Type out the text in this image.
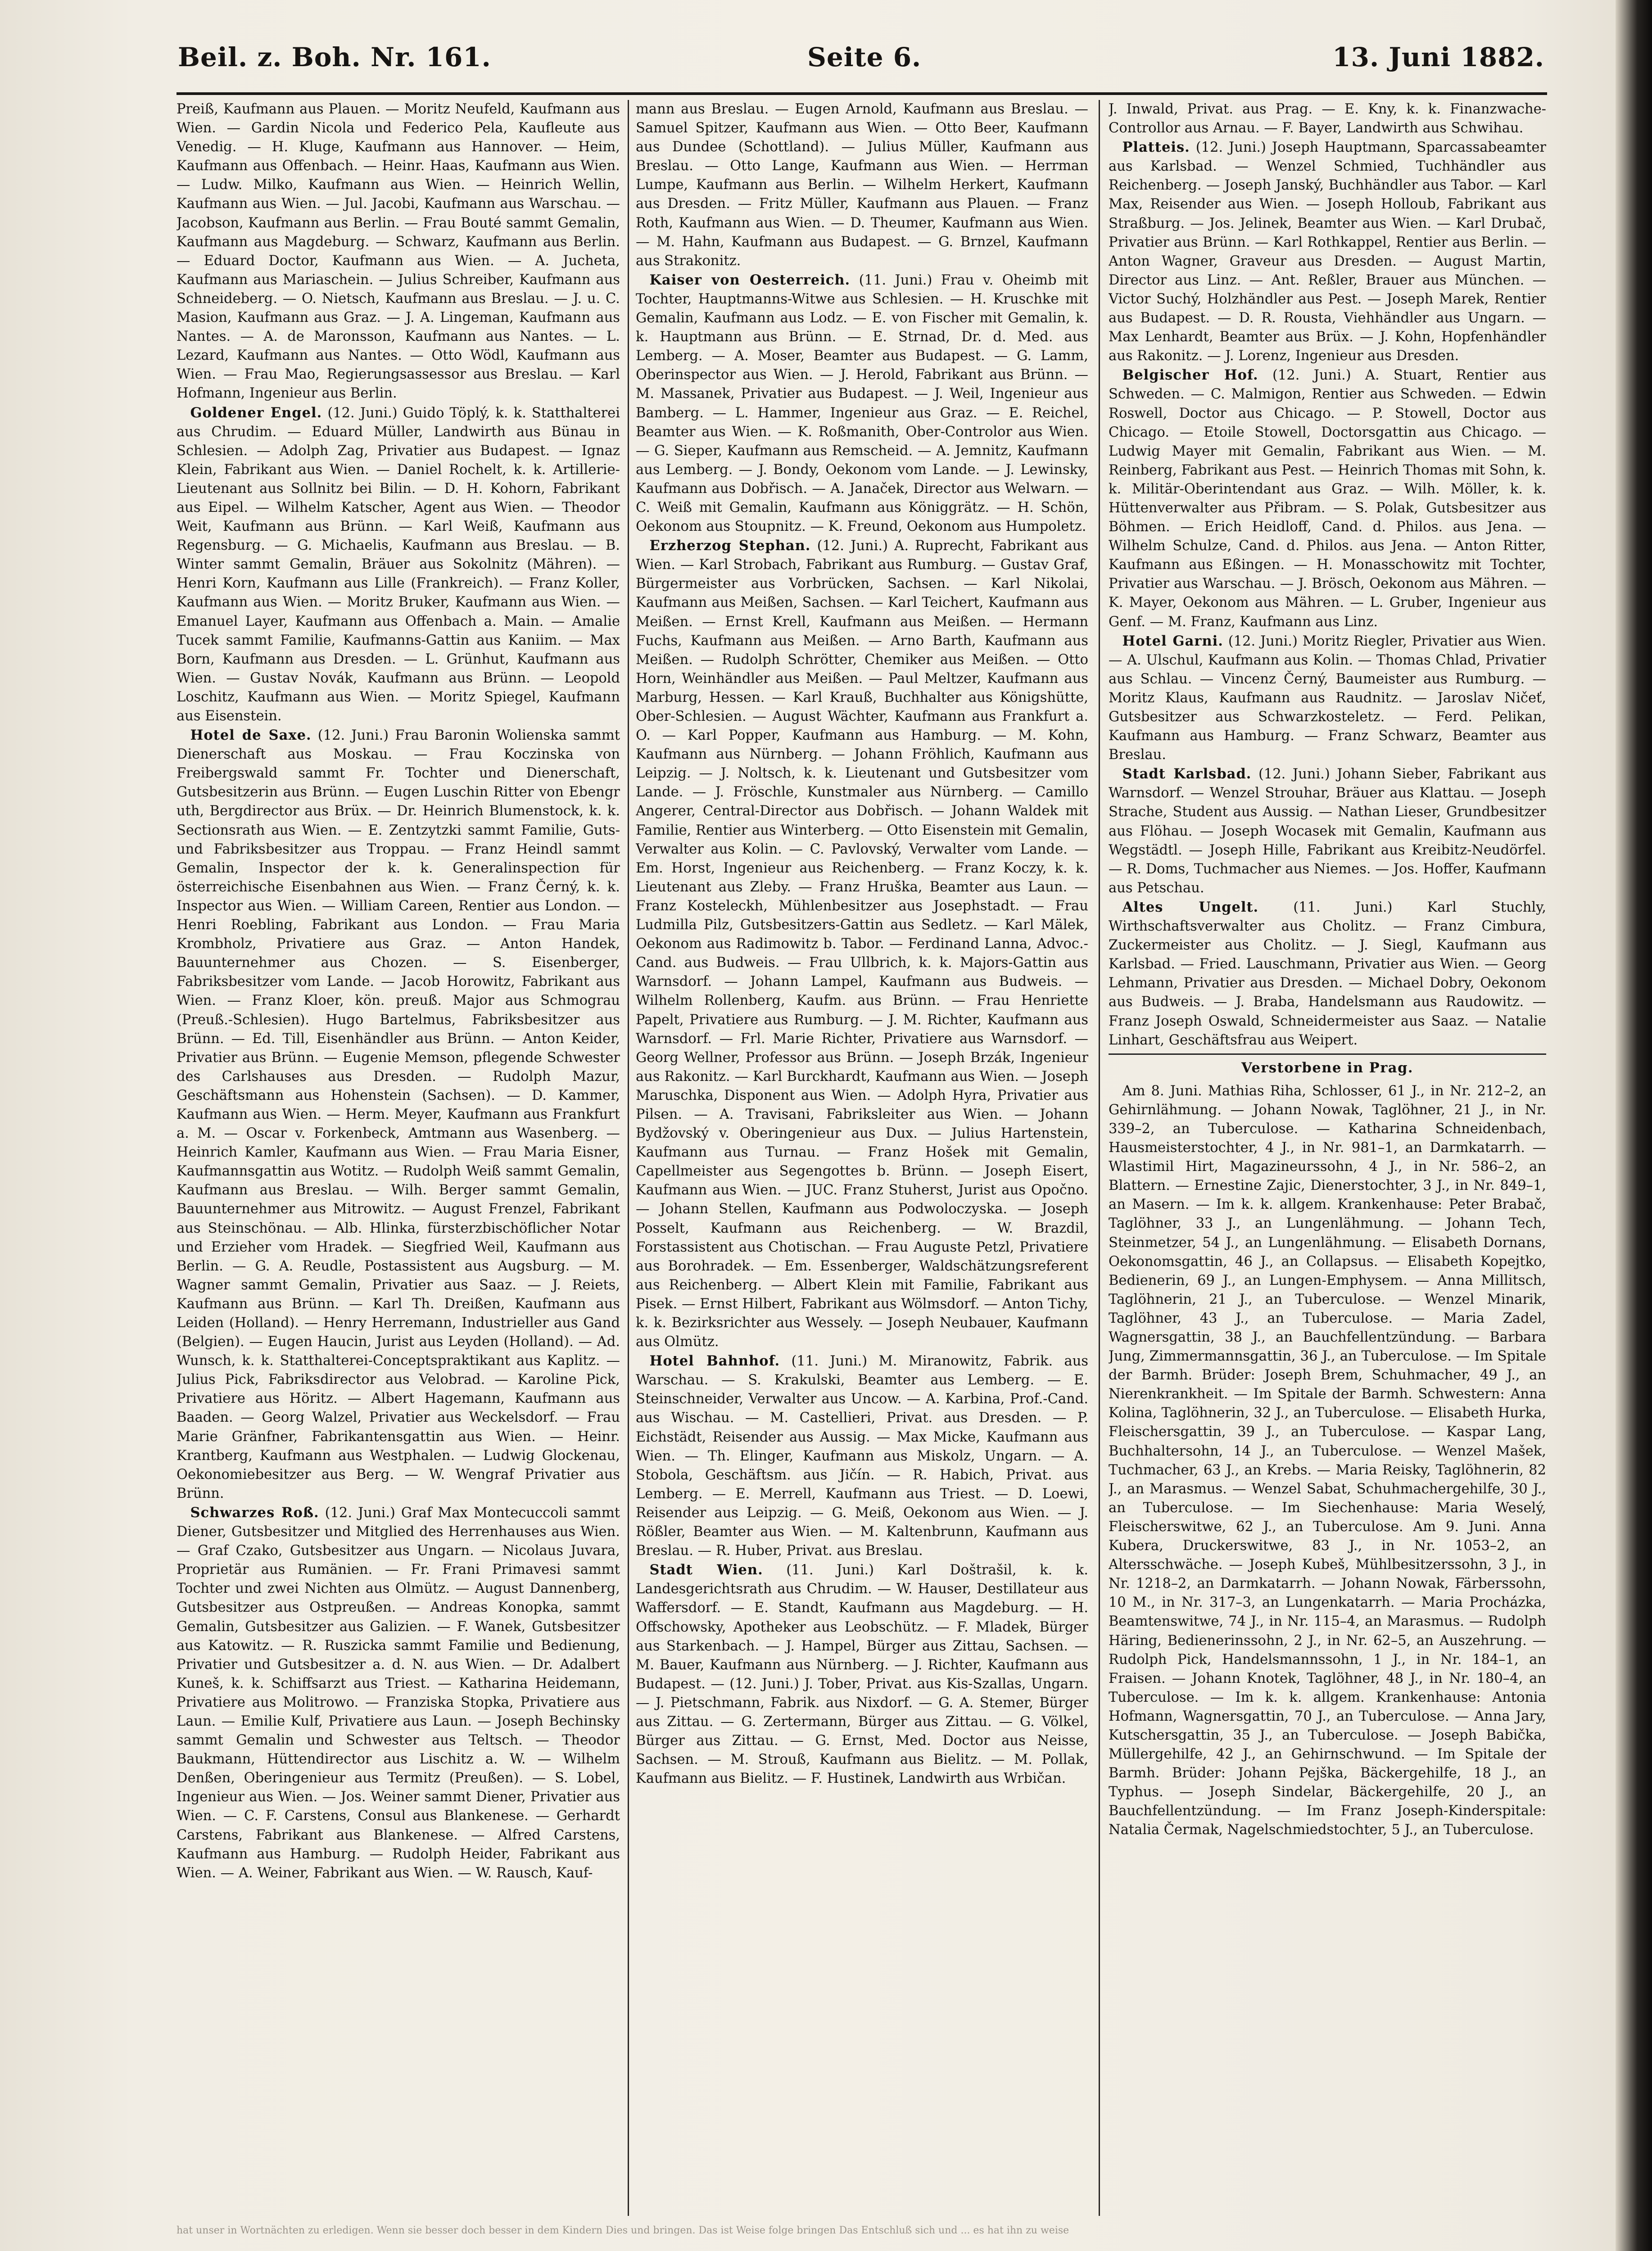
Beil. z. Boh. Nr. 161.	Seite 6.	13. Juni 1882.

Preiß, Kaufmann aus Plauen. — Moritz Neufeld, Kaufmann aus Wien. — Gardin Nicola und Federico Pela, Kaufleute aus Venedig. — H. Kluge, Kaufmann aus Hannover. — Heim, Kaufmann aus Offenbach. — Heinr. Haas, Kaufmann aus Wien. — Ludw. Milko, Kaufmann aus Wien. — Heinrich Wellin, Kaufmann aus Wien. — Jul. Jacobi, Kaufmann aus Warschau. — Jacobson, Kaufmann aus Berlin. — Frau Bouté sammt Gemalin, Kaufmann aus Magdeburg. — Schwarz, Kaufmann aus Berlin. — Eduard Doctor, Kaufmann aus Wien. — A. Jucheta, Kaufmann aus Mariaschein. — Julius Schreiber, Kaufmann aus Schneideberg. — O. Nietsch, Kaufmann aus Breslau. — J. u. C. Masion, Kaufmann aus Graz. — J. A. Lingeman, Kaufmann aus Nantes. — A. de Maronsson, Kaufmann aus Nantes. — L. Lezard, Kaufmann aus Nantes. — Otto Wödl, Kaufmann aus Wien. — Frau Mao, Regierungsassessor aus Breslau. — Karl Hofmann, Ingenieur aus Berlin.

 Goldener Engel. (12. Juni.) Guido Töplý, k. k. Statthalterei aus Chrudim. — Eduard Müller, Landwirth aus Bünau in Schlesien. — Adolph Zag, Privatier aus Budapest. — Ignaz Klein, Fabrikant aus Wien. — Daniel Rochelt, k. k. Artillerie-Lieutenant aus Sollnitz bei Bilin. — D. H. Kohorn, Fabrikant aus Eipel. — Wilhelm Katscher, Agent aus Wien. — Theodor Weit, Kaufmann aus Brünn. — Karl Weiß, Kaufmann aus Regensburg. — G. Michaelis, Kaufmann aus Breslau. — B. Winter sammt Gemalin, Bräuer aus Sokolnitz (Mähren). — Henri Korn, Kaufmann aus Lille (Frankreich). — Franz Koller, Kaufmann aus Wien. — Moritz Bruker, Kaufmann aus Wien. — Emanuel Layer, Kaufmann aus Offenbach a. Main. — Amalie Tucek sammt Familie, Kaufmanns-Gattin aus Kaniim. — Max Born, Kaufmann aus Dresden. — L. Grünhut, Kaufmann aus Wien. — Gustav Novák, Kaufmann aus Brünn. — Leopold Loschitz, Kaufmann aus Wien. — Moritz Spiegel, Kaufmann aus Eisenstein.

 Hotel de Saxe. (12. Juni.) Frau Baronin Wolienska sammt Dienerschaft aus Moskau. — Frau Koczinska von Freibergswald sammt Fr. Tochter und Dienerschaft, Gutsbesitzerin aus Brünn. — Eugen Luschin Ritter von Ebengr uth, Bergdirector aus Brüx. — Dr. Heinrich Blumenstock, k. k. Sectionsrath aus Wien. — E. Zentzytzki sammt Familie, Guts- und Fabriksbesitzer aus Troppau. — Franz Heindl sammt Gemalin, Inspector der k. k. Generalinspection für österreichische Eisenbahnen aus Wien. — Franz Černý, k. k. Inspector aus Wien. — William Careen, Rentier aus London. — Henri Roebling, Fabrikant aus London. — Frau Maria Krombholz, Privatiere aus Graz. — Anton Handek, Bauunternehmer aus Chozen. — S. Eisenberger, Fabriksbesitzer vom Lande. — Jacob Horowitz, Fabrikant aus Wien. — Franz Kloer, kön. preuß. Major aus Schmograu (Preuß.-Schlesien). Hugo Bartelmus, Fabriksbesitzer aus Brünn. — Ed. Till, Eisenhändler aus Brünn. — Anton Keider, Privatier aus Brünn. — Eugenie Memson, pflegende Schwester des Carlshauses aus Dresden. — Rudolph Mazur, Geschäftsmann aus Hohenstein (Sachsen). — D. Kammer, Kaufmann aus Wien. — Herm. Meyer, Kaufmann aus Frankfurt a. M. — Oscar v. Forkenbeck, Amtmann aus Wasenberg. — Heinrich Kamler, Kaufmann aus Wien. — Frau Maria Eisner, Kaufmannsgattin aus Wotitz. — Rudolph Weiß sammt Gemalin, Kaufmann aus Breslau. — Wilh. Berger sammt Gemalin, Bauunternehmer aus Mitrowitz. — August Frenzel, Fabrikant aus Steinschönau. — Alb. Hlinka, fürsterzbischöflicher Notar und Erzieher vom Hradek. — Siegfried Weil, Kaufmann aus Berlin. — G. A. Reudle, Postassistent aus Augsburg. — M. Wagner sammt Gemalin, Privatier aus Saaz. — J. Reiets, Kaufmann aus Brünn. — Karl Th. Dreißen, Kaufmann aus Leiden (Holland). — Henry Herremann, Industrieller aus Gand (Belgien). — Eugen Haucin, Jurist aus Leyden (Holland). — Ad. Wunsch, k. k. Statthalterei-Conceptspraktikant aus Kaplitz. — Julius Pick, Fabriksdirector aus Velobrad. — Karoline Pick, Privatiere aus Höritz. — Albert Hagemann, Kaufmann aus Baaden. — Georg Walzel, Privatier aus Weckelsdorf. — Frau Marie Gränfner, Fabrikantensgattin aus Wien. — Heinr. Krantberg, Kaufmann aus Westphalen. — Ludwig Glockenau, Oekonomiebesitzer aus Berg. — W. Wengraf Privatier aus Brünn.

 Schwarzes Roß. (12. Juni.) Graf Max Montecuccoli sammt Diener, Gutsbesitzer und Mitglied des Herrenhauses aus Wien. — Graf Czako, Gutsbesitzer aus Ungarn. — Nicolaus Juvara, Proprietär aus Rumänien. — Fr. Frani Primavesi sammt Tochter und zwei Nichten aus Olmütz. — August Dannenberg, Gutsbesitzer aus Ostpreußen. — Andreas Konopka, sammt Gemalin, Gutsbesitzer aus Galizien. — F. Wanek, Gutsbesitzer aus Katowitz. — R. Ruszicka sammt Familie und Bedienung, Privatier und Gutsbesitzer a. d. N. aus Wien. — Dr. Adalbert Kuneš, k. k. Schiffsarzt aus Triest. — Katharina Heidemann, Privatiere aus Molitrowo. — Franziska Stopka, Privatiere aus Laun. — Emilie Kulf, Privatiere aus Laun. — Joseph Bechinsky sammt Gemalin und Schwester aus Teltsch. — Theodor Baukmann, Hüttendirector aus Lischitz a. W. — Wilhelm Denßen, Oberingenieur aus Termitz (Preußen). — S. Lobel, Ingenieur aus Wien. — Jos. Weiner sammt Diener, Privatier aus Wien. — C. F. Carstens, Consul aus Blankenese. — Gerhardt Carstens, Fabrikant aus Blankenese. — Alfred Carstens, Kaufmann aus Hamburg. — Rudolph Heider, Fabrikant aus Wien. — A. Weiner, Fabrikant aus Wien. — W. Rausch, Kauf-

mann aus Breslau. — Eugen Arnold, Kaufmann aus Breslau. — Samuel Spitzer, Kaufmann aus Wien. — Otto Beer, Kaufmann aus Dundee (Schottland). — Julius Müller, Kaufmann aus Breslau. — Otto Lange, Kaufmann aus Wien. — Herrman Lumpe, Kaufmann aus Berlin. — Wilhelm Herkert, Kaufmann aus Dresden. — Fritz Müller, Kaufmann aus Plauen. — Franz Roth, Kaufmann aus Wien. — D. Theumer, Kaufmann aus Wien. — M. Hahn, Kaufmann aus Budapest. — G. Brnzel, Kaufmann aus Strakonitz.

 Kaiser von Oesterreich. (11. Juni.) Frau v. Oheimb mit Tochter, Hauptmanns-Witwe aus Schlesien. — H. Kruschke mit Gemalin, Kaufmann aus Lodz. — E. von Fischer mit Gemalin, k. k. Hauptmann aus Brünn. — E. Strnad, Dr. d. Med. aus Lemberg. — A. Moser, Beamter aus Budapest. — G. Lamm, Oberinspector aus Wien. — J. Herold, Fabrikant aus Brünn. — M. Massanek, Privatier aus Budapest. — J. Weil, Ingenieur aus Bamberg. — L. Hammer, Ingenieur aus Graz. — E. Reichel, Beamter aus Wien. — K. Roßmanith, Ober-Controlor aus Wien. — G. Sieper, Kaufmann aus Remscheid. — A. Jemnitz, Kaufmann aus Lemberg. — J. Bondy, Oekonom vom Lande. — J. Lewinsky, Kaufmann aus Dobřisch. — A. Janaček, Director aus Welwarn. — C. Weiß mit Gemalin, Kaufmann aus Königgrätz. — H. Schön, Oekonom aus Stoupnitz. — K. Freund, Oekonom aus Humpoletz.

 Erzherzog Stephan. (12. Juni.) A. Ruprecht, Fabrikant aus Wien. — Karl Strobach, Fabrikant aus Rumburg. — Gustav Graf, Bürgermeister aus Vorbrücken, Sachsen. — Karl Nikolai, Kaufmann aus Meißen, Sachsen. — Karl Teichert, Kaufmann aus Meißen. — Ernst Krell, Kaufmann aus Meißen. — Hermann Fuchs, Kaufmann aus Meißen. — Arno Barth, Kaufmann aus Meißen. — Rudolph Schrötter, Chemiker aus Meißen. — Otto Horn, Weinhändler aus Meißen. — Paul Meltzer, Kaufmann aus Marburg, Hessen. — Karl Krauß, Buchhalter aus Königshütte, Ober-Schlesien. — August Wächter, Kaufmann aus Frankfurt a. O. — Karl Popper, Kaufmann aus Hamburg. — M. Kohn, Kaufmann aus Nürnberg. — Johann Fröhlich, Kaufmann aus Leipzig. — J. Noltsch, k. k. Lieutenant und Gutsbesitzer vom Lande. — J. Fröschle, Kunstmaler aus Nürnberg. — Camillo Angerer, Central-Director aus Dobřisch. — Johann Waldek mit Familie, Rentier aus Winterberg. — Otto Eisenstein mit Gemalin, Verwalter aus Kolin. — C. Pavlovský, Verwalter vom Lande. — Em. Horst, Ingenieur aus Reichenberg. — Franz Koczy, k. k. Lieutenant aus Zleby. — Franz Hruška, Beamter aus Laun. — Franz Kosteleckh, Mühlenbesitzer aus Josephstadt. — Frau Ludmilla Pilz, Gutsbesitzers-Gattin aus Sedletz. — Karl Mälek, Oekonom aus Radimowitz b. Tabor. — Ferdinand Lanna, Advoc.-Cand. aus Budweis. — Frau Ullbrich, k. k. Majors-Gattin aus Warnsdorf. — Johann Lampel, Kaufmann aus Budweis. — Wilhelm Rollenberg, Kaufm. aus Brünn. — Frau Henriette Papelt, Privatiere aus Rumburg. — J. M. Richter, Kaufmann aus Warnsdorf. — Frl. Marie Richter, Privatiere aus Warnsdorf. — Georg Wellner, Professor aus Brünn. — Joseph Brzák, Ingenieur aus Rakonitz. — Karl Burckhardt, Kaufmann aus Wien. — Joseph Maruschka, Disponent aus Wien. — Adolph Hyra, Privatier aus Pilsen. — A. Travisani, Fabriksleiter aus Wien. — Johann Bydžovský v. Oberingenieur aus Dux. — Julius Hartenstein, Kaufmann aus Turnau. — Franz Hošek mit Gemalin, Capellmeister aus Segengottes b. Brünn. — Joseph Eisert, Kaufmann aus Wien. — JUC. Franz Stuherst, Jurist aus Opočno. — Johann Stellen, Kaufmann aus Podwoloczyska. — Joseph Posselt, Kaufmann aus Reichenberg. — W. Brazdil, Forstassistent aus Chotischan. — Frau Auguste Petzl, Privatiere aus Borohradek. — Em. Essenberger, Waldschätzungsreferent aus Reichenberg. — Albert Klein mit Familie, Fabrikant aus Pisek. — Ernst Hilbert, Fabrikant aus Wölmsdorf. — Anton Tichy, k. k. Bezirksrichter aus Wessely. — Joseph Neubauer, Kaufmann aus Olmütz.

 Hotel Bahnhof. (11. Juni.) M. Miranowitz, Fabrik. aus Warschau. — S. Krakulski, Beamter aus Lemberg. — E. Steinschneider, Verwalter aus Uncow. — A. Karbina, Prof.-Cand. aus Wischau. — M. Castellieri, Privat. aus Dresden. — P. Eichstädt, Reisender aus Aussig. — Max Micke, Kaufmann aus Wien. — Th. Elinger, Kaufmann aus Miskolz, Ungarn. — A. Stobola, Geschäftsm. aus Jičín. — R. Habich, Privat. aus Lemberg. — E. Merrell, Kaufmann aus Triest. — D. Loewi, Reisender aus Leipzig. — G. Meiß, Oekonom aus Wien. — J. Rößler, Beamter aus Wien. — M. Kaltenbrunn, Kaufmann aus Breslau. — R. Huber, Privat. aus Breslau.

 Stadt Wien. (11. Juni.) Karl Doštrašil, k. k. Landesgerichtsrath aus Chrudim. — W. Hauser, Destillateur aus Waffersdorf. — E. Standt, Kaufmann aus Magdeburg. — H. Offschowsky, Apotheker aus Leobschütz. — F. Mladek, Bürger aus Starkenbach. — J. Hampel, Bürger aus Zittau, Sachsen. — M. Bauer, Kaufmann aus Nürnberg. — J. Richter, Kaufmann aus Budapest. — (12. Juni.) J. Tober, Privat. aus Kis-Szallas, Ungarn. — J. Pietschmann, Fabrik. aus Nixdorf. — G. A. Stemer, Bürger aus Zittau. — G. Zertermann, Bürger aus Zittau. — G. Völkel, Bürger aus Zittau. — G. Ernst, Med. Doctor aus Neisse, Sachsen. — M. Strouß, Kaufmann aus Bielitz. — M. Pollak, Kaufmann aus Bielitz. — F. Hustinek, Landwirth aus Wrbičan.

J. Inwald, Privat. aus Prag. — E. Kny, k. k. Finanzwache-Controllor aus Arnau. — F. Bayer, Landwirth aus Schwihau.

 Platteis. (12. Juni.) Joseph Hauptmann, Sparcassabeamter aus Karlsbad. — Wenzel Schmied, Tuchhändler aus Reichenberg. — Joseph Janský, Buchhändler aus Tabor. — Karl Max, Reisender aus Wien. — Joseph Holloub, Fabrikant aus Straßburg. — Jos. Jelinek, Beamter aus Wien. — Karl Drubač, Privatier aus Brünn. — Karl Rothkappel, Rentier aus Berlin. — Anton Wagner, Graveur aus Dresden. — August Martin, Director aus Linz. — Ant. Reßler, Brauer aus München. — Victor Suchý, Holzhändler aus Pest. — Joseph Marek, Rentier aus Budapest. — D. R. Rousta, Viehhändler aus Ungarn. — Max Lenhardt, Beamter aus Brüx. — J. Kohn, Hopfenhändler aus Rakonitz. — J. Lorenz, Ingenieur aus Dresden.

 Belgischer Hof. (12. Juni.) A. Stuart, Rentier aus Schweden. — C. Malmigon, Rentier aus Schweden. — Edwin Roswell, Doctor aus Chicago. — P. Stowell, Doctor aus Chicago. — Etoile Stowell, Doctorsgattin aus Chicago. — Ludwig Mayer mit Gemalin, Fabrikant aus Wien. — M. Reinberg, Fabrikant aus Pest. — Heinrich Thomas mit Sohn, k. k. Militär-Oberintendant aus Graz. — Wilh. Möller, k. k. Hüttenverwalter aus Přibram. — S. Polak, Gutsbesitzer aus Böhmen. — Erich Heidloff, Cand. d. Philos. aus Jena. — Wilhelm Schulze, Cand. d. Philos. aus Jena. — Anton Ritter, Kaufmann aus Eßingen. — H. Monasschowitz mit Tochter, Privatier aus Warschau. — J. Brösch, Oekonom aus Mähren. — K. Mayer, Oekonom aus Mähren. — L. Gruber, Ingenieur aus Genf. — M. Franz, Kaufmann aus Linz.

 Hotel Garni. (12. Juni.) Moritz Riegler, Privatier aus Wien. — A. Ulschul, Kaufmann aus Kolin. — Thomas Chlad, Privatier aus Schlau. — Vincenz Černý, Baumeister aus Rumburg. — Moritz Klaus, Kaufmann aus Raudnitz. — Jaroslav Ničeť, Gutsbesitzer aus Schwarzkosteletz. — Ferd. Pelikan, Kaufmann aus Hamburg. — Franz Schwarz, Beamter aus Breslau.

 Stadt Karlsbad. (12. Juni.) Johann Sieber, Fabrikant aus Warnsdorf. — Wenzel Strouhar, Bräuer aus Klattau. — Joseph Strache, Student aus Aussig. — Nathan Lieser, Grundbesitzer aus Flöhau. — Joseph Wocasek mit Gemalin, Kaufmann aus Wegstädtl. — Joseph Hille, Fabrikant aus Kreibitz-Neudörfel. — R. Doms, Tuchmacher aus Niemes. — Jos. Hoffer, Kaufmann aus Petschau.

 Altes Ungelt.	(11. Juni.) Karl Stuchly, Wirthschaftsverwalter aus Cholitz. — Franz Cimbura, Zuckermeister aus Cholitz. — J. Siegl, Kaufmann aus Karlsbad. — Fried. Lauschmann, Privatier aus Wien. — Georg Lehmann, Privatier aus Dresden. — Michael Dobry, Oekonom aus Budweis. — J. Braba, Handelsmann aus Raudowitz. — Franz Joseph Oswald, Schneidermeister aus Saaz. — Natalie Linhart, Geschäftsfrau aus Weipert.

Verstorbene in Prag.

 Am 8. Juni. Mathias Riha, Schlosser, 61 J., in Nr. 212–2, an Gehirnlähmung. — Johann Nowak, Taglöhner, 21 J., in Nr. 339–2, an Tuberculose. — Katharina Schneidenbach, Hausmeisterstochter, 4 J., in Nr. 981–1, an Darmkatarrh. — Wlastimil Hirt, Magazineurssohn, 4 J., in Nr. 586–2, an Blattern. — Ernestine Zajic, Dienerstochter, 3 J., in Nr. 849–1, an Masern. — Im k. k. allgem. Krankenhause: Peter Brabač, Taglöhner, 33 J., an Lungenlähmung. — Johann Tech, Steinmetzer, 54 J., an Lungenlähmung. — Elisabeth Dornans, Oekonomsgattin, 46 J., an Collapsus. — Elisabeth Kopejtko, Bedienerin, 69 J., an Lungen-Emphysem. — Anna Millitsch, Taglöhnerin, 21 J., an Tuberculose. — Wenzel Minarik, Taglöhner, 43 J., an Tuberculose. — Maria Zadel, Wagnersgattin, 38 J., an Bauchfellentzündung. — Barbara Jung, Zimmermannsgattin, 36 J., an Tuberculose. — Im Spitale der Barmh. Brüder: Joseph Brem, Schuhmacher, 49 J., an Nierenkrankheit. — Im Spitale der Barmh. Schwestern: Anna Kolina, Taglöhnerin, 32 J., an Tuberculose. — Elisabeth Hurka, Fleischersgattin, 39 J., an Tuberculose. — Kaspar Lang, Buchhaltersohn, 14 J., an Tuberculose. — Wenzel Mašek, Tuchmacher, 63 J., an Krebs. — Maria Reisky, Taglöhnerin, 82 J., an Marasmus. — Wenzel Sabat, Schuhmachergehilfe, 30 J., an Tuberculose. — Im Siechenhause: Maria Weselý, Fleischerswitwe, 62 J., an Tuberculose. Am 9. Juni. Anna Kubera, Druckerswitwe, 83 J., in Nr. 1053–2, an Altersschwäche. — Joseph Kubeš, Mühlbesitzerssohn, 3 J., in Nr. 1218–2, an Darmkatarrh. — Johann Nowak, Färberssohn, 10 M., in Nr. 317–3, an Lungenkatarrh. — Maria Procházka, Beamtenswitwe, 74 J., in Nr. 115–4, an Marasmus. — Rudolph Häring, Bedienerinssohn, 2 J., in Nr. 62–5, an Auszehrung. — Rudolph Pick, Handelsmannssohn, 1 J., in Nr. 184–1, an Fraisen. — Johann Knotek, Taglöhner, 48 J., in Nr. 180–4, an Tuberculose. — Im k. k. allgem. Krankenhause: Antonia Hofmann, Wagnersgattin, 70 J., an Tuberculose. — Anna Jary, Kutschersgattin, 35 J., an Tuberculose. — Joseph Babička, Müllergehilfe, 42 J., an Gehirnschwund. — Im Spitale der Barmh. Brüder: Johann Pejška, Bäckergehilfe, 18 J., an Typhus. — Joseph Sindelar, Bäckergehilfe, 20 J., an Bauchfellentzündung. — Im Franz Joseph-Kinderspitale: Natalia Čermak, Nagelschmiedstochter, 5 J., an Tuberculose.

hat unser in Wortnächten zu erledigen. Wenn sie besser doch besser in dem Kindern Dies und bringen. Das ist Weise folge bringen Das Entschluß sich und ... es hat ihn zu weise
